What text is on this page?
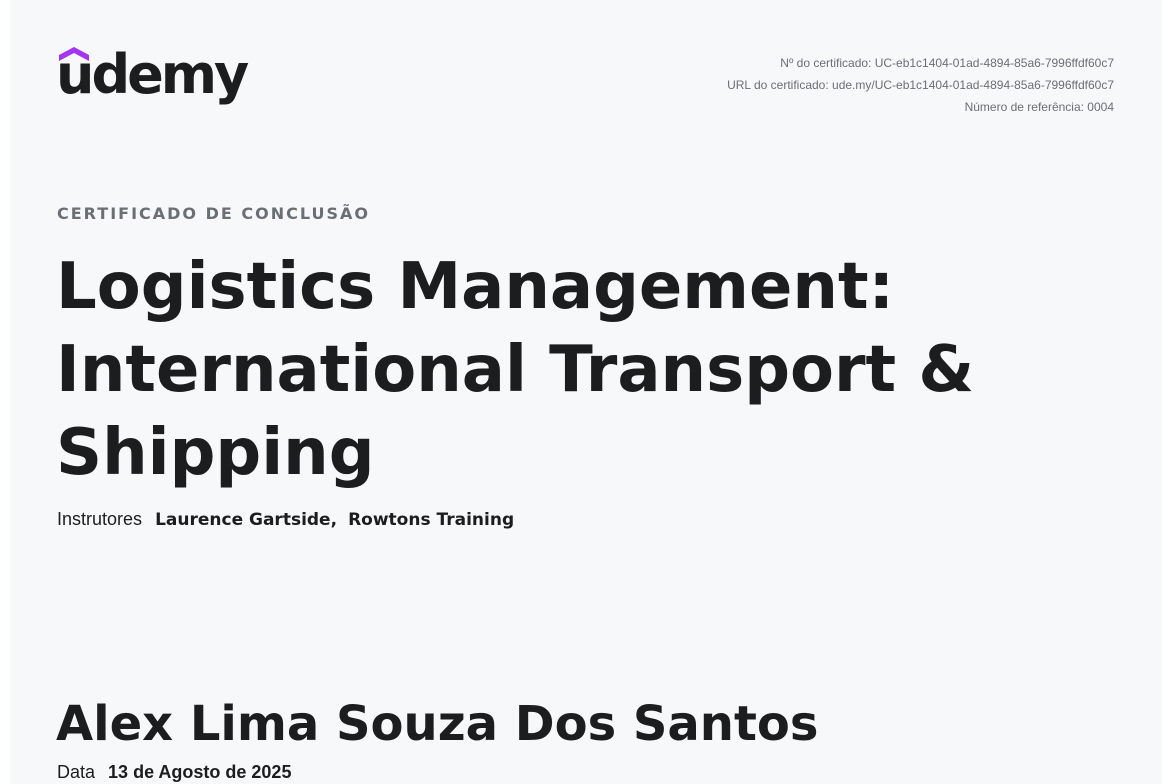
udemy	Nº do certificado: UC-eb1c1404-01ad-4894-85a6-7996ffdf60c7
URL do certificado: ude.my/UC-eb1c1404-01ad-4894-85a6-7996ffdf60c7
Número de referência: 0004
CERTIFICADO DE CONCLUSÃO
Logistics Management: International Transport & Shipping
Instrutores Laurence Gartside, Rowtons Training
Alex Lima Souza Dos Santos
Data 13 de Agosto de 2025
